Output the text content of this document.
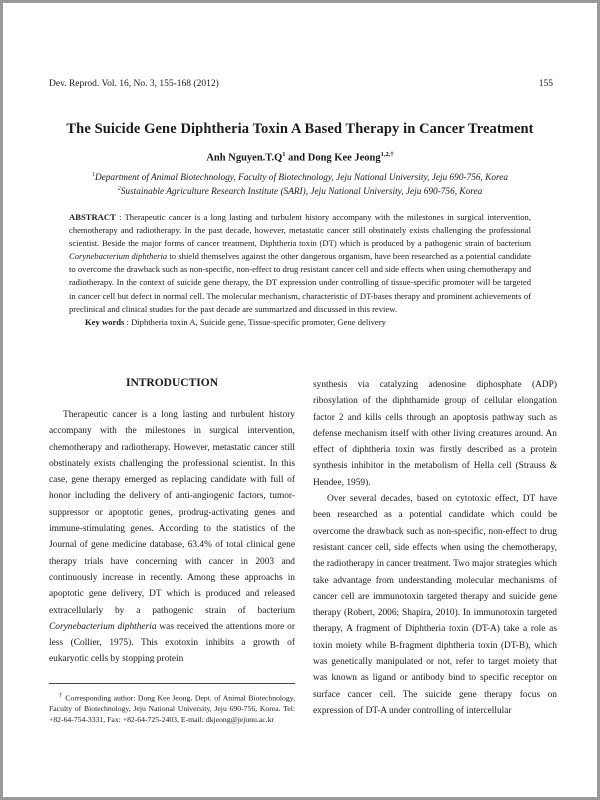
Dev. Reprod. Vol. 16, No. 3, 155-168 (2012)	155
The Suicide Gene Diphtheria Toxin A Based Therapy in Cancer Treatment
Anh $Nguyen.T.Q^1$ and Dong Kee Jeong$^{1,2,\dagger}$
$^1$Department of Animal Biotechnology, Faculty of Biotechnology, Jeju National University, Jeju 690-756, Korea
$^2$Sustainable Agriculture Research Institute (SARI), Jeju National University, Jeju 690-756, Korea

ABSTRACT : Therapeutic cancer is a long lasting and turbulent history accompany with the milestones in surgical intervention, chemotherapy and radiotherapy. In the past decade, however, metastatic cancer still obstinately exists challenging the professional scientist. Beside the major forms of cancer treatment, Diphtheria toxin (DT) which is produced by a pathogenic strain of bacterium Corynebacterium diphtheria to shield themselves against the other dangerous organism, have been researched as a potential candidate to overcome the drawback such as non-specific, non-effect to drug resistant cancer cell and side effects when using chemotherapy and radiotherapy. In the context of suicide gene therapy, the DT expression under controlling of tissue-specific promoter will be targeted in cancer cell but defect in normal cell. The molecular mechanism, characteristic of DT-bases therapy and prominent achievements of preclinical and clinical studies for the past decade are summarized and discussed in this review.

Key words : Diphtheria toxin A, Suicide gene, Tissue-specific promoter, Gene delivery

INTRODUCTION

Therapeutic cancer is a long lasting and turbulent history accompany with the milestones in surgical intervention, chemotherapy and radiotherapy. However, metastatic cancer still obstinately exists challenging the professional scientist. In this case, gene therapy emerged as replacing candidate with full of honor including the delivery of anti-angiogenic factors, tumor-suppressor or apoptotic genes, prodrug-activating genes and immune-stimulating genes. According to the statistics of the Journal of gene medicine database, 63.4% of total clinical gene therapy trials have concerning with cancer in 2003 and continuously increase in recently. Among these approachs in apoptotic gene delivery, DT which is produced and released extracellularly by a pathogenic strain of bacterium Corynebacterium diphtheria was received the attentions more or less (Collier, 1975). This exotoxin inhibits a growth of eukaryotic cells by stopping protein

synthesis via catalyzing adenosine diphosphate (ADP) ribosylation of the diphthamide group of cellular elongation factor 2 and kills cells through an apoptosis pathway such as defense mechanism itself with other living creatures around. An effect of diphtheria toxin was firstly described as a protein synthesis inhibitor in the metabolism of Hella cell (Strauss & Hendee, 1959).

Over several decades, based on cytotoxic effect, DT have been researched as a potential candidate which could be overcome the drawback such as non-specific, non-effect to drug resistant cancer cell, side effects when using the chemotherapy, the radiotherapy in cancer treatment. Two major strategies which take advantage from understanding molecular mechanisms of cancer cell are immunotoxin targeted therapy and suicide gene therapy (Robert, 2006; Shapira, 2010). In immunotoxin targeted therapy, A fragment of Diphtheria toxin (DT-A) take a role as toxin moiety while B-fragment diphtheria toxin (DT-B), which was genetically manipulated or not, refer to target moiety that was known as ligand or antibody bind to specific receptor on surface cancer cell. The suicide gene therapy focus on expression of DT-A under controlling of intercellular

† Corresponding author: Dong Kee Jeong, Dept. of Animal Biotechnology, Faculty of Biotechnology, Jeju National University, Jeju 690-756, Korea. Tel: +82-64-754-3331, Fax: +82-64-725-2403, E-mail: dkjeong@jejunu.ac.kr
